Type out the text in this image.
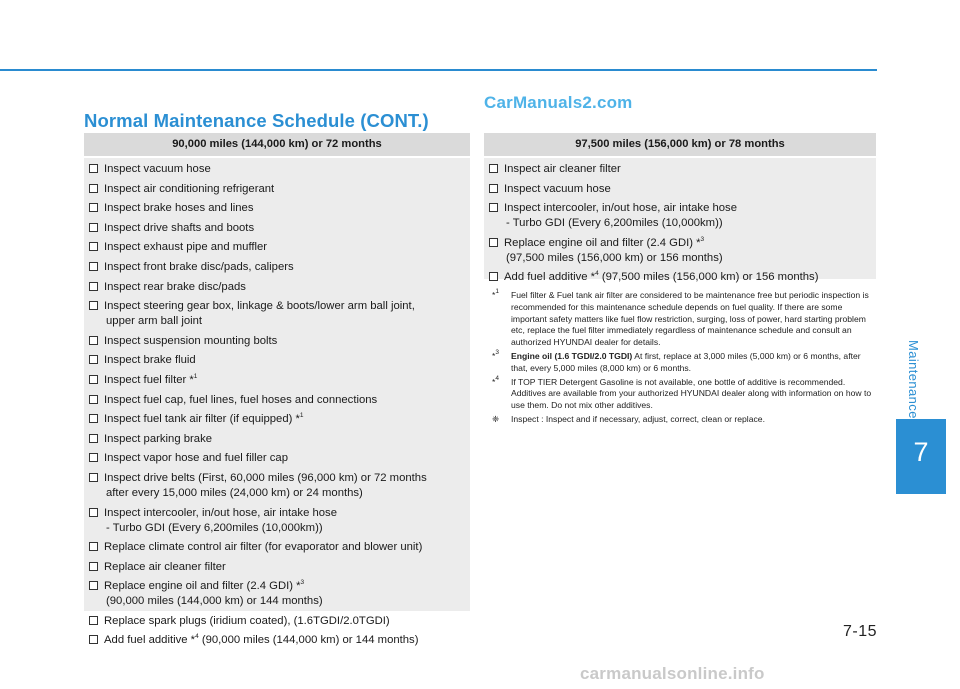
CarManuals2.com
Normal Maintenance Schedule (CONT.)
90,000 miles (144,000 km) or 72 months
Inspect vacuum hose
Inspect air conditioning refrigerant
Inspect brake hoses and lines
Inspect drive shafts and boots
Inspect exhaust pipe and muffler
Inspect front brake disc/pads, calipers
Inspect rear brake disc/pads
Inspect steering gear box, linkage & boots/lower arm ball joint,
upper arm ball joint
Inspect suspension mounting bolts
Inspect brake fluid
Inspect fuel filter *$^1$
Inspect fuel cap, fuel lines, fuel hoses and connections
Inspect fuel tank air filter (if equipped) *$^1$
Inspect parking brake
Inspect vapor hose and fuel filler cap
Inspect drive belts (First, 60,000 miles (96,000 km) or 72 months
after every 15,000 miles (24,000 km) or 24 months)
Inspect intercooler, in/out hose, air intake hose
- Turbo GDI (Every 6,200miles (10,000km))
Replace climate control air filter (for evaporator and blower unit)
Replace air cleaner filter
Replace engine oil and filter (2.4 GDI) *$^3$
(90,000 miles (144,000 km) or 144 months)
Replace spark plugs (iridium coated), (1.6TGDI/2.0TGDI)
Add fuel additive *$^4$ (90,000 miles (144,000 km) or 144 months)
97,500 miles (156,000 km) or 78 months
Inspect air cleaner filter
Inspect vacuum hose
Inspect intercooler, in/out hose, air intake hose
- Turbo GDI (Every 6,200miles (10,000km))
Replace engine oil and filter (2.4 GDI) *$^3$
(97,500 miles (156,000 km) or 156 months)
Add fuel additive *$^4$ (97,500 miles (156,000 km) or 156 months)
*$^1$ Fuel filter & Fuel tank air filter are considered to be maintenance free but periodic inspection is recommended for this maintenance schedule depends on fuel quality. If there are some important safety matters like fuel flow restriction, surging, loss of power, hard starting problem etc, replace the fuel filter immediately regardless of maintenance schedule and consult an authorized HYUNDAI dealer for details.
*$^3$ Engine oil (1.6 TGDI/2.0 TGDI) At first, replace at 3,000 miles (5,000 km) or 6 months, after that, every 5,000 miles (8,000 km) or 6 months.
*$^4$ If TOP TIER Detergent Gasoline is not available, one bottle of additive is recommended. Additives are available from your authorized HYUNDAI dealer along with information on how to use them. Do not mix other additives.
❈ Inspect : Inspect and if necessary, adjust, correct, clean or replace.
Maintenance
7
7-15
carmanualsonline.info
